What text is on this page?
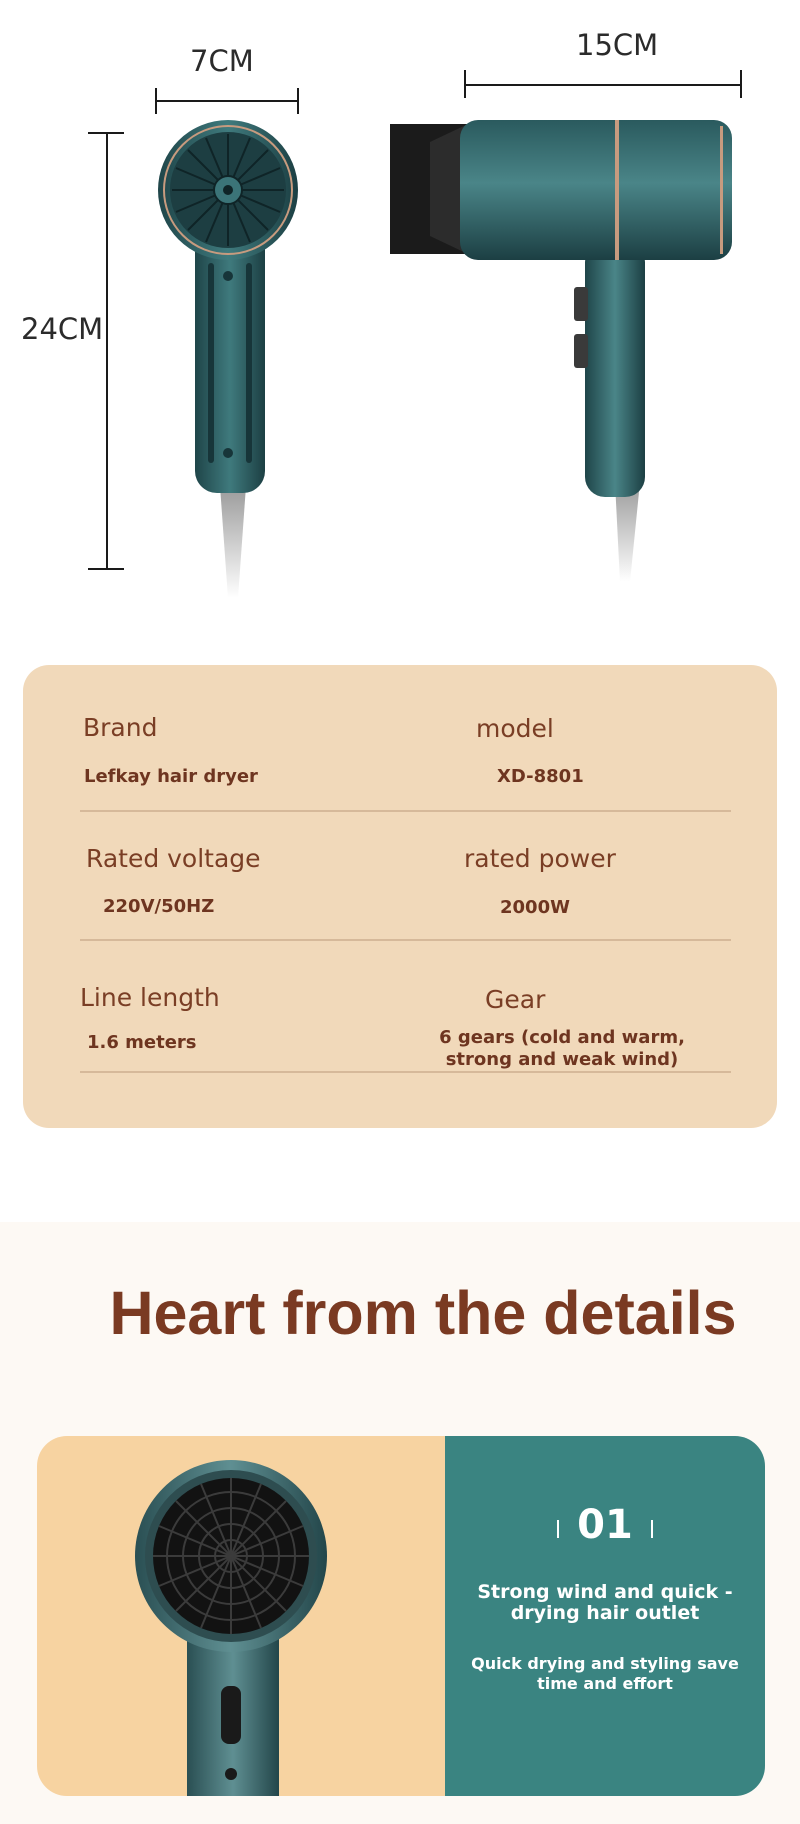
7CM	15CM
24CM
Brand
Lefkay hair dryer
model
XD-8801
Rated voltage
220V/50HZ
rated power
2000W
Line length
1.6 meters
Gear
6 gears (cold and warm, strong and weak wind)
Heart from the details
01
Strong wind and quick -drying hair outlet
Quick drying and styling save time and effort
